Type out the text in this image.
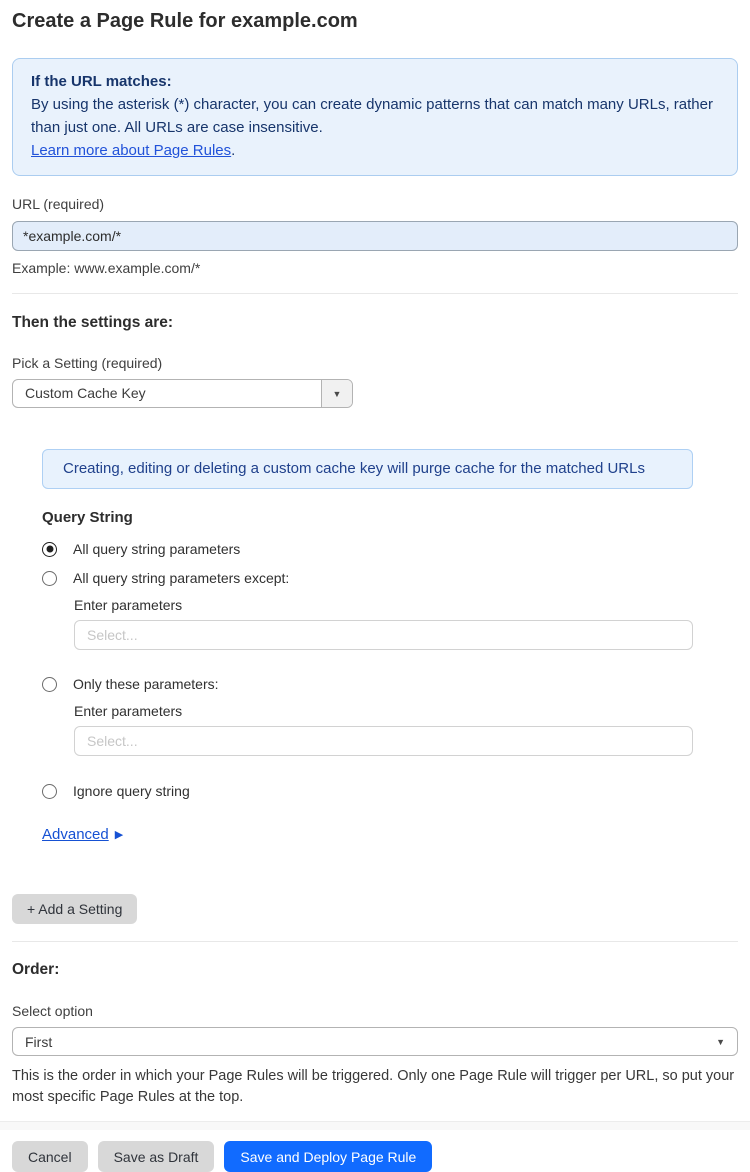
Create a Page Rule for example.com
If the URL matches:
By using the asterisk (*) character, you can create dynamic patterns that can match many URLs, rather than just one. All URLs are case insensitive.
Learn more about Page Rules.
URL (required)
*example.com/*
Example: www.example.com/*
Then the settings are:
Pick a Setting (required)
Custom Cache Key	▼
Creating, editing or deleting a custom cache key will purge cache for the matched URLs
Query String
All query string parameters
All query string parameters except:
Enter parameters
Select...
Only these parameters:
Enter parameters
Select...
Ignore query string
Advanced ▶
+ Add a Setting
Order:
Select option
First	▼
This is the order in which your Page Rules will be triggered. Only one Page Rule will trigger per URL, so put your most specific Page Rules at the top.
Cancel	Save as Draft	Save and Deploy Page Rule
